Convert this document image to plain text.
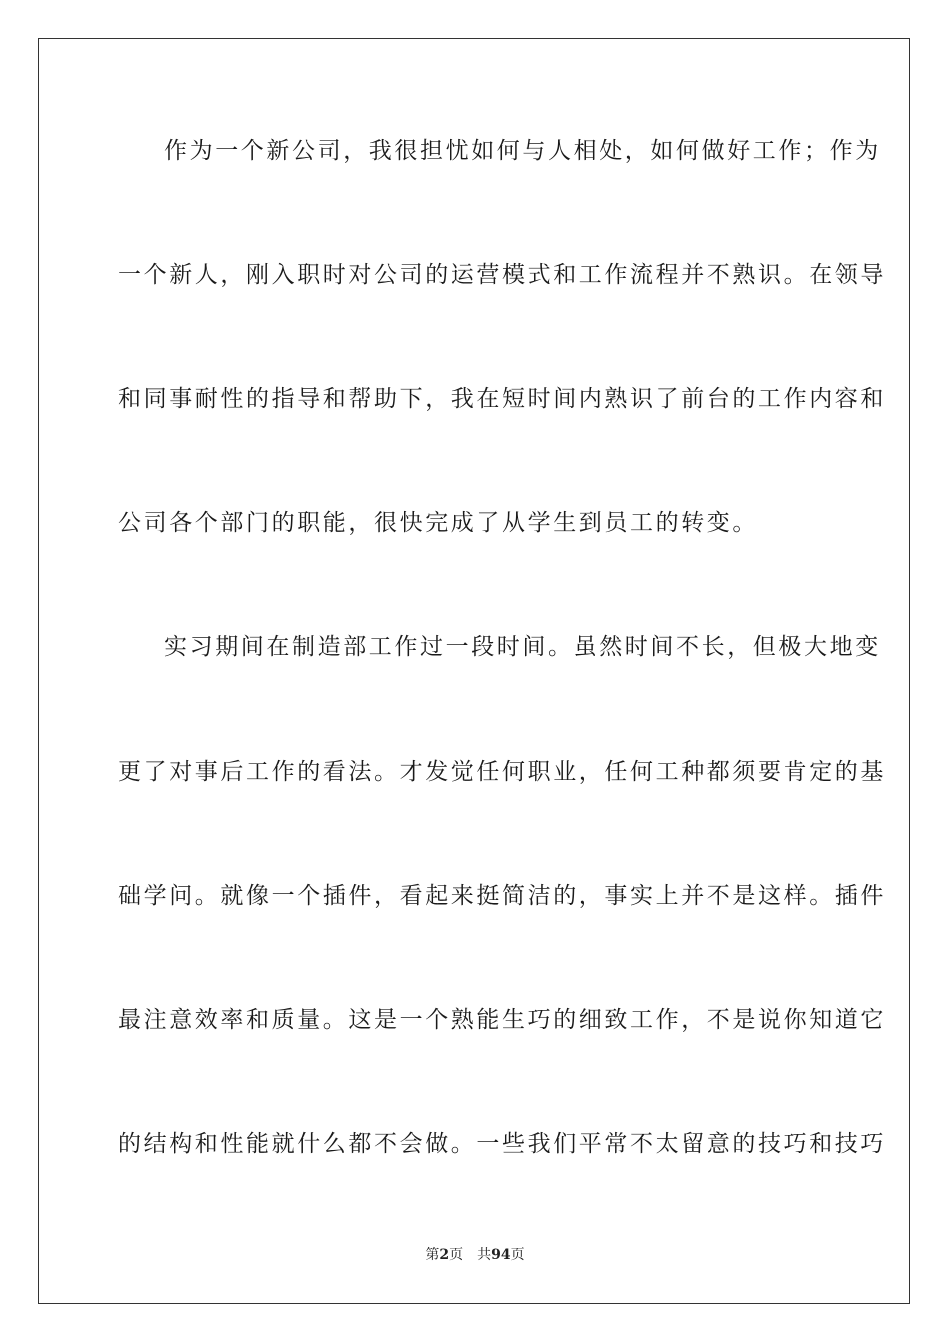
作为一个新公司，我很担忧如何与人相处，如何做好工作；作为
一个新人，刚入职时对公司的运营模式和工作流程并不熟识。在领导
和同事耐性的指导和帮助下，我在短时间内熟识了前台的工作内容和
公司各个部门的职能，很快完成了从学生到员工的转变。
实习期间在制造部工作过一段时间。虽然时间不长，但极大地变
更了对事后工作的看法。才发觉任何职业，任何工种都须要肯定的基
础学问。就像一个插件，看起来挺简洁的，事实上并不是这样。插件
最注意效率和质量。这是一个熟能生巧的细致工作，不是说你知道它
的结构和性能就什么都不会做。一些我们平常不太留意的技巧和技巧
第2页 共94页
